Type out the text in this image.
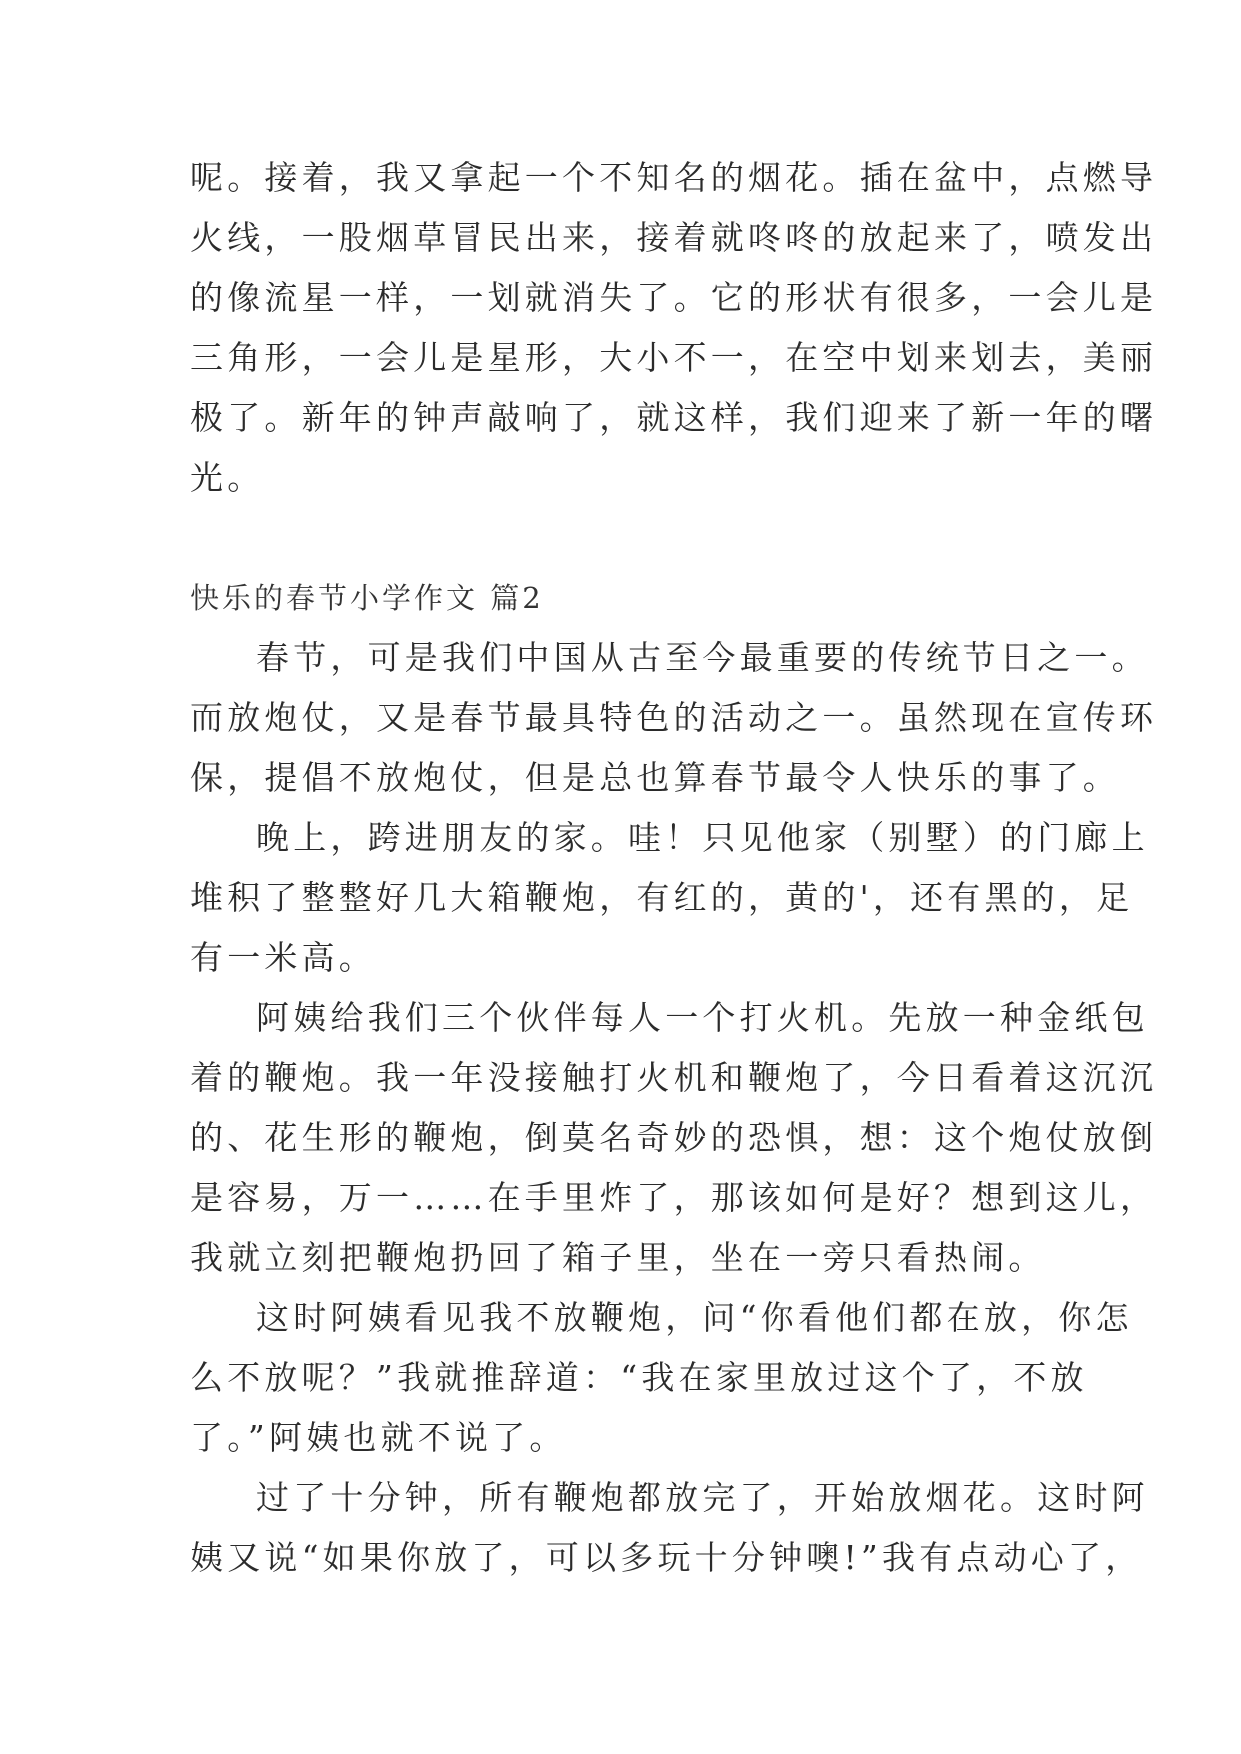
呢。接着，我又拿起一个不知名的烟花。插在盆中，点燃导
火线，一股烟草冒民出来，接着就咚咚的放起来了，喷发出
的像流星一样，一划就消失了。它的形状有很多，一会儿是
三角形，一会儿是星形，大小不一，在空中划来划去，美丽
极了。新年的钟声敲响了，就这样，我们迎来了新一年的曙
光。
快乐的春节小学作文 篇2
春节，可是我们中国从古至今最重要的传统节日之一。
而放炮仗，又是春节最具特色的活动之一。虽然现在宣传环
保，提倡不放炮仗，但是总也算春节最令人快乐的事了。
晚上，跨进朋友的家。哇！只见他家（别墅）的门廊上
堆积了整整好几大箱鞭炮，有红的，黄的'，还有黑的，足
有一米高。
阿姨给我们三个伙伴每人一个打火机。先放一种金纸包
着的鞭炮。我一年没接触打火机和鞭炮了，今日看着这沉沉
的、花生形的鞭炮，倒莫名奇妙的恐惧，想：这个炮仗放倒
是容易，万一……在手里炸了，那该如何是好？想到这儿，
我就立刻把鞭炮扔回了箱子里，坐在一旁只看热闹。
这时阿姨看见我不放鞭炮，问“你看他们都在放，你怎
么不放呢？”我就推辞道：“我在家里放过这个了，不放
了。”阿姨也就不说了。
过了十分钟，所有鞭炮都放完了，开始放烟花。这时阿
姨又说“如果你放了，可以多玩十分钟噢!”我有点动心了，
